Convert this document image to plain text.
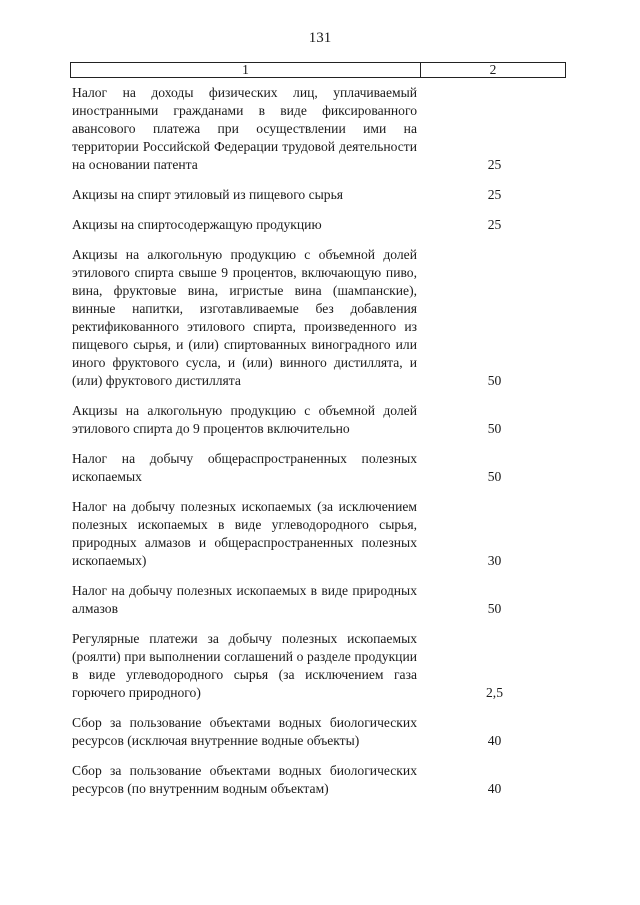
131
1	2
Налог на доходы физических лиц, уплачиваемый иностранными гражданами в виде фиксированного авансового платежа при осуществлении ими на территории Российской Федерации трудовой деятельности на основании патента	25
Акцизы на спирт этиловый из пищевого сырья	25
Акцизы на спиртосодержащую продукцию	25
Акцизы на алкогольную продукцию с объемной долей этилового спирта свыше 9 процентов, включающую пиво, вина, фруктовые вина, игристые вина (шампанские), винные напитки, изготавливаемые без добавления ректификованного этилового спирта, произведенного из пищевого сырья, и (или) спиртованных виноградного или иного фруктового сусла, и (или) винного дистиллята, и (или) фруктового дистиллята	50
Акцизы на алкогольную продукцию с объемной долей этилового спирта до 9 процентов включительно	50
Налог на добычу общераспространенных полезных ископаемых	50
Налог на добычу полезных ископаемых (за исключением полезных ископаемых в виде углеводородного сырья, природных алмазов и общераспространенных полезных ископаемых)	30
Налог на добычу полезных ископаемых в виде природных алмазов	50
Регулярные платежи за добычу полезных ископаемых (роялти) при выполнении соглашений о разделе продукции в виде углеводородного сырья (за исключением газа горючего природного)	2,5
Сбор за пользование объектами водных биологических ресурсов (исключая внутренние водные объекты)	40
Сбор за пользование объектами водных биологических ресурсов (по внутренним водным объектам)	40
